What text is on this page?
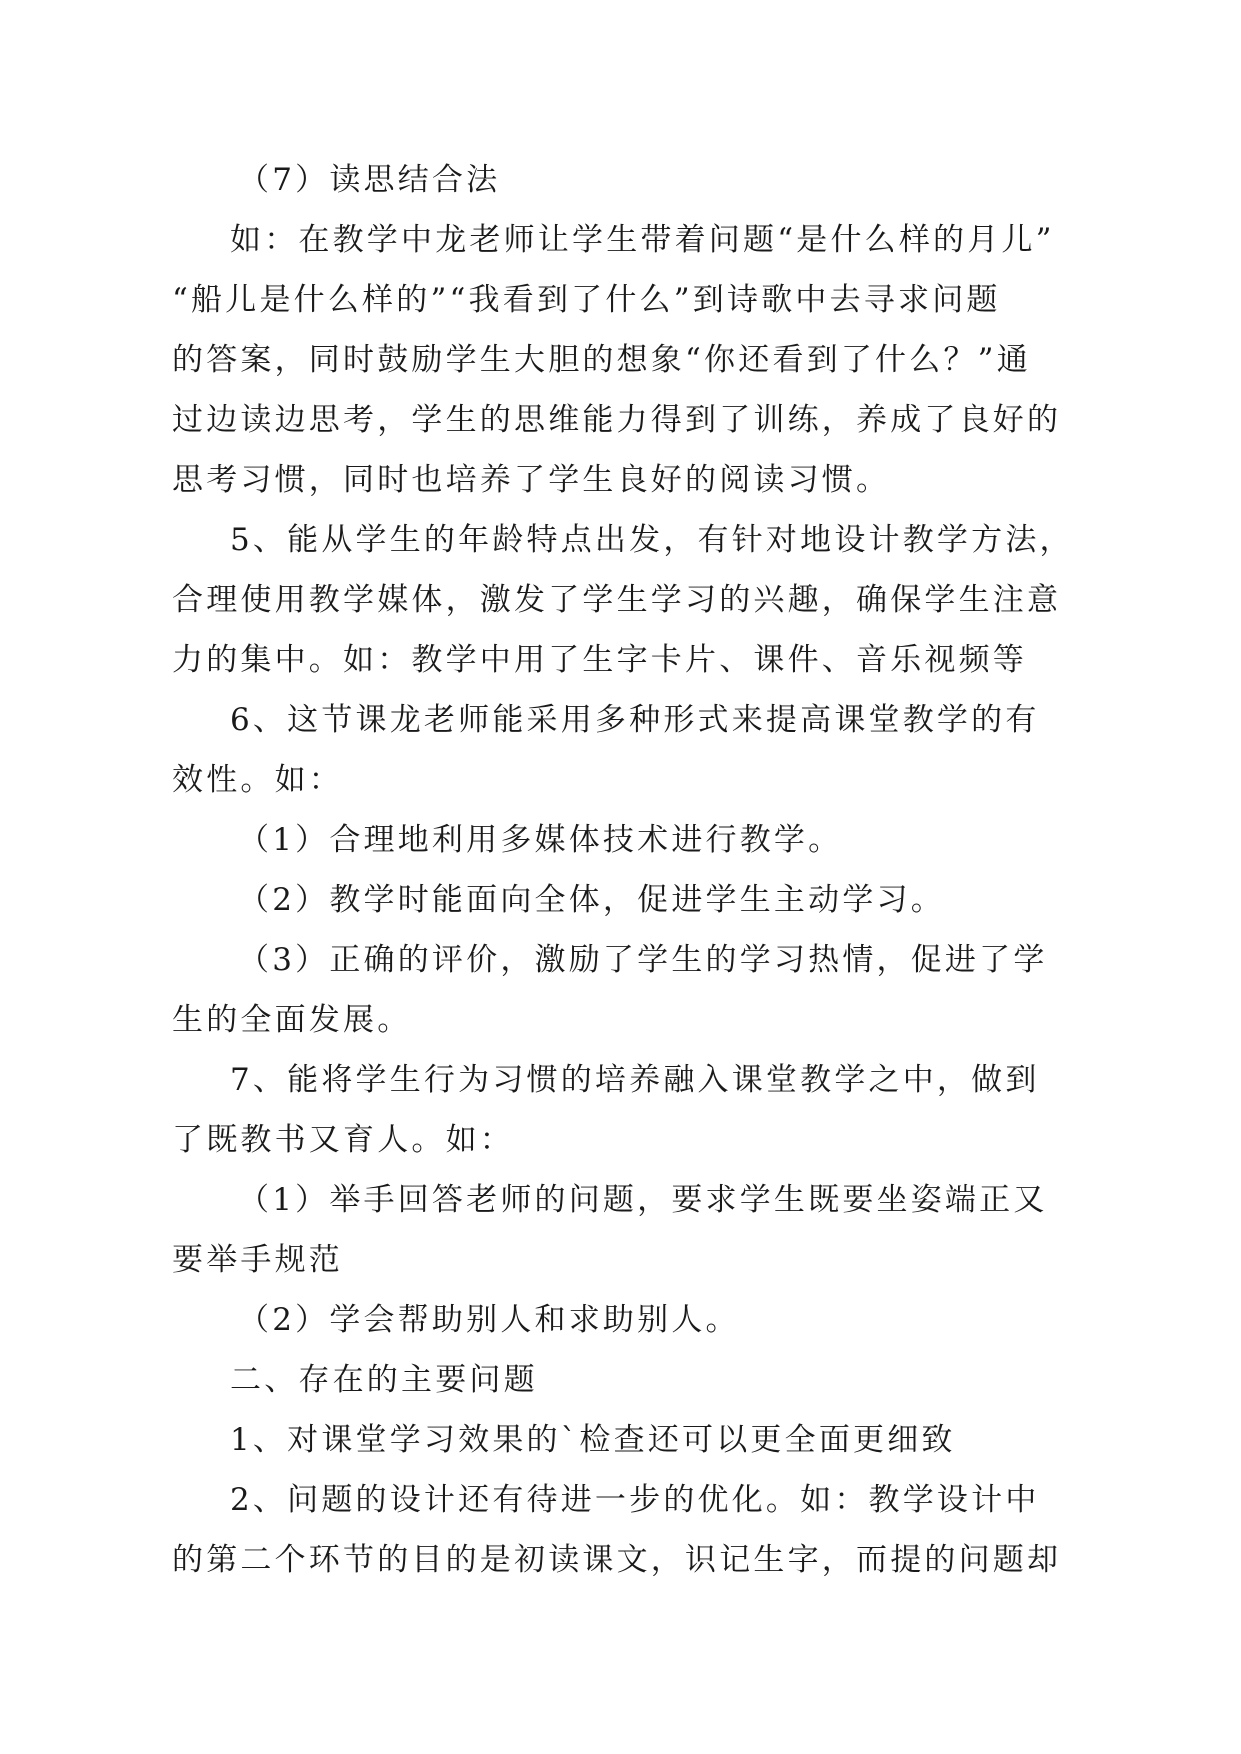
（7）读思结合法
如：在教学中龙老师让学生带着问题“是什么样的月儿”
“船儿是什么样的”“我看到了什么”到诗歌中去寻求问题
的答案，同时鼓励学生大胆的想象“你还看到了什么？”通
过边读边思考，学生的思维能力得到了训练，养成了良好的
思考习惯，同时也培养了学生良好的阅读习惯。
5、能从学生的年龄特点出发，有针对地设计教学方法，
合理使用教学媒体，激发了学生学习的兴趣，确保学生注意
力的集中。如：教学中用了生字卡片、课件、音乐视频等
6、这节课龙老师能采用多种形式来提高课堂教学的有
效性。如：
（1）合理地利用多媒体技术进行教学。
（2）教学时能面向全体，促进学生主动学习。
（3）正确的评价，激励了学生的学习热情，促进了学
生的全面发展。
7、能将学生行为习惯的培养融入课堂教学之中，做到
了既教书又育人。如：
（1）举手回答老师的问题，要求学生既要坐姿端正又
要举手规范
（2）学会帮助别人和求助别人。
二、存在的主要问题
1、对课堂学习效果的`检查还可以更全面更细致
2、问题的设计还有待进一步的优化。如：教学设计中
的第二个环节的目的是初读课文，识记生字，而提的问题却
